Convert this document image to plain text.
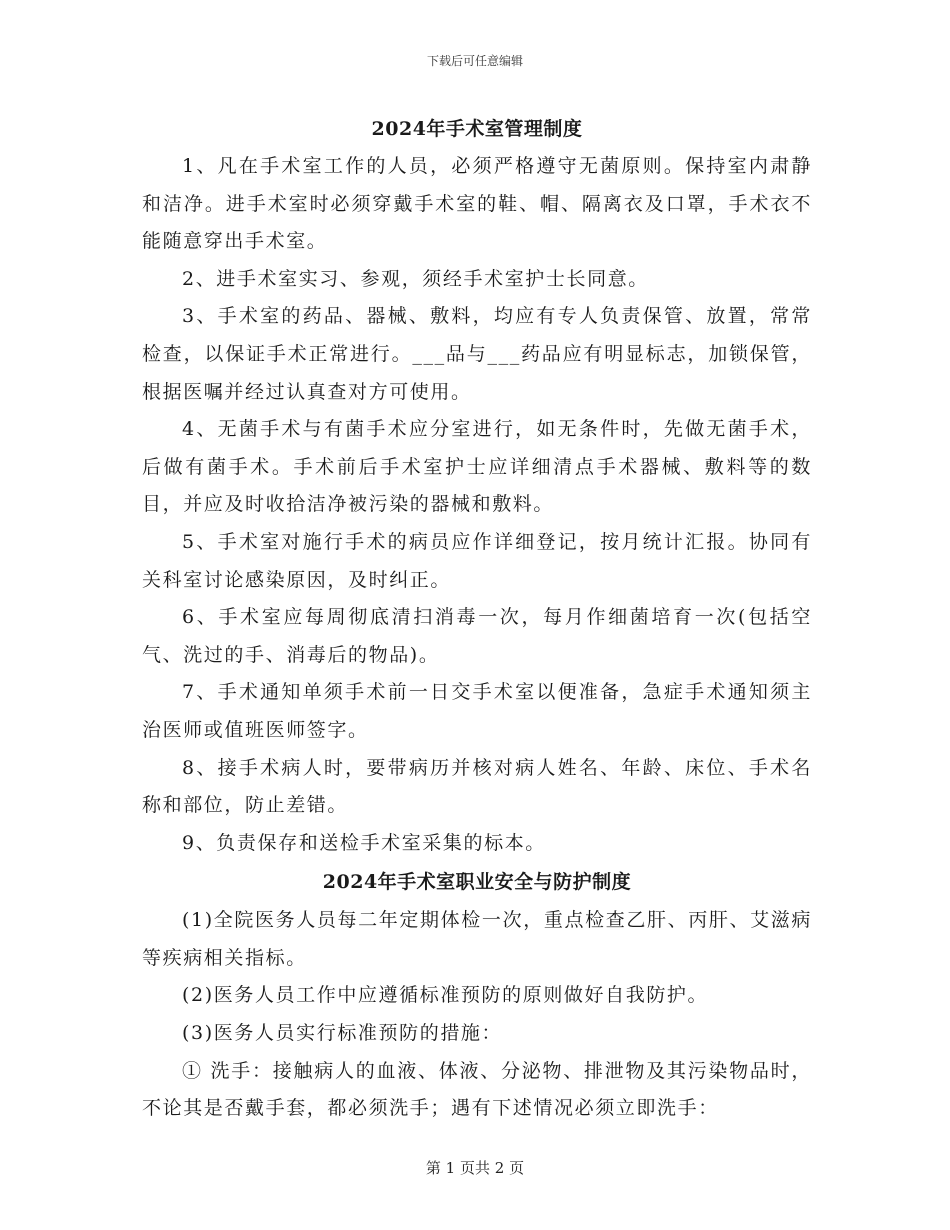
下载后可任意编辑
2024年手术室管理制度

1、凡在手术室工作的人员，必须严格遵守无菌原则。保持室内肃静和洁净。进手术室时必须穿戴手术室的鞋、帽、隔离衣及口罩，手术衣不能随意穿出手术室。

2、进手术室实习、参观，须经手术室护士长同意。

3、手术室的药品、器械、敷料，均应有专人负责保管、放置，常常检查，以保证手术正常进行。___品与___药品应有明显标志，加锁保管，根据医嘱并经过认真查对方可使用。

4、无菌手术与有菌手术应分室进行，如无条件时，先做无菌手术，后做有菌手术。手术前后手术室护士应详细清点手术器械、敷料等的数目，并应及时收拾洁净被污染的器械和敷料。

5、手术室对施行手术的病员应作详细登记，按月统计汇报。协同有关科室讨论感染原因，及时纠正。

6、手术室应每周彻底清扫消毒一次，每月作细菌培育一次(包括空气、洗过的手、消毒后的物品)。

7、手术通知单须手术前一日交手术室以便准备，急症手术通知须主治医师或值班医师签字。

8、接手术病人时，要带病历并核对病人姓名、年龄、床位、手术名称和部位，防止差错。

9、负责保存和送检手术室采集的标本。

2024年手术室职业安全与防护制度

(1)全院医务人员每二年定期体检一次，重点检查乙肝、丙肝、艾滋病等疾病相关指标。

(2)医务人员工作中应遵循标准预防的原则做好自我防护。

(3)医务人员实行标准预防的措施：

① 洗手：接触病人的血液、体液、分泌物、排泄物及其污染物品时，不论其是否戴手套，都必须洗手；遇有下述情况必须立即洗手：

第 1 页共 2 页
